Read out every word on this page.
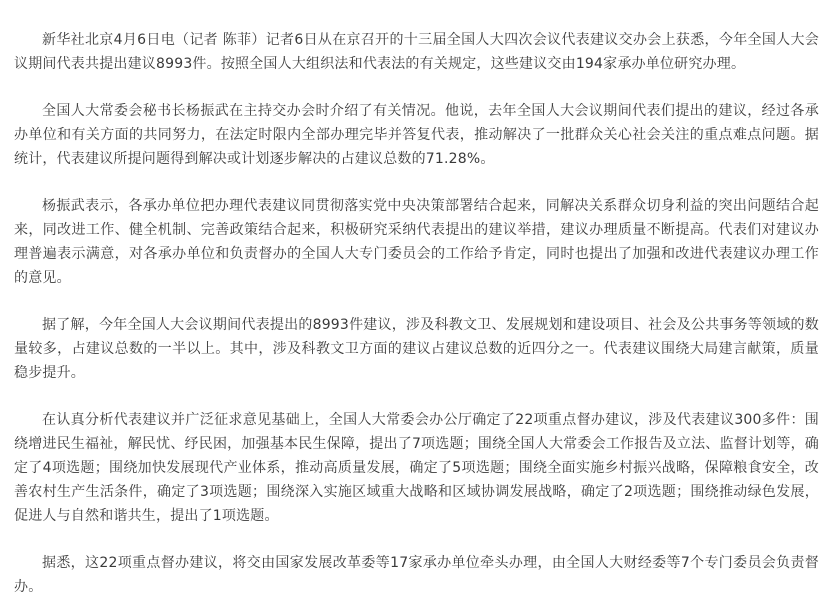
新华社北京4月6日电（记者 陈菲）记者6日从在京召开的十三届全国人大四次会议代表建议交办会上获悉，今年全国人大会议期间代表共提出建议8993件。按照全国人大组织法和代表法的有关规定，这些建议交由194家承办单位研究办理。

全国人大常委会秘书长杨振武在主持交办会时介绍了有关情况。他说，去年全国人大会议期间代表们提出的建议，经过各承办单位和有关方面的共同努力，在法定时限内全部办理完毕并答复代表，推动解决了一批群众关心社会关注的重点难点问题。据统计，代表建议所提问题得到解决或计划逐步解决的占建议总数的71.28%。

杨振武表示，各承办单位把办理代表建议同贯彻落实党中央决策部署结合起来，同解决关系群众切身利益的突出问题结合起来，同改进工作、健全机制、完善政策结合起来，积极研究采纳代表提出的建议举措，建议办理质量不断提高。代表们对建议办理普遍表示满意，对各承办单位和负责督办的全国人大专门委员会的工作给予肯定，同时也提出了加强和改进代表建议办理工作的意见。

据了解，今年全国人大会议期间代表提出的8993件建议，涉及科教文卫、发展规划和建设项目、社会及公共事务等领域的数量较多，占建议总数的一半以上。其中，涉及科教文卫方面的建议占建议总数的近四分之一。代表建议围绕大局建言献策，质量稳步提升。

在认真分析代表建议并广泛征求意见基础上，全国人大常委会办公厅确定了22项重点督办建议，涉及代表建议300多件：围绕增进民生福祉，解民忧、纾民困，加强基本民生保障，提出了7项选题；围绕全国人大常委会工作报告及立法、监督计划等，确定了4项选题；围绕加快发展现代产业体系，推动高质量发展，确定了5项选题；围绕全面实施乡村振兴战略，保障粮食安全，改善农村生产生活条件，确定了3项选题；围绕深入实施区域重大战略和区域协调发展战略，确定了2项选题；围绕推动绿色发展，促进人与自然和谐共生，提出了1项选题。

据悉，这22项重点督办建议，将交由国家发展改革委等17家承办单位牵头办理，由全国人大财经委等7个专门委员会负责督办。
